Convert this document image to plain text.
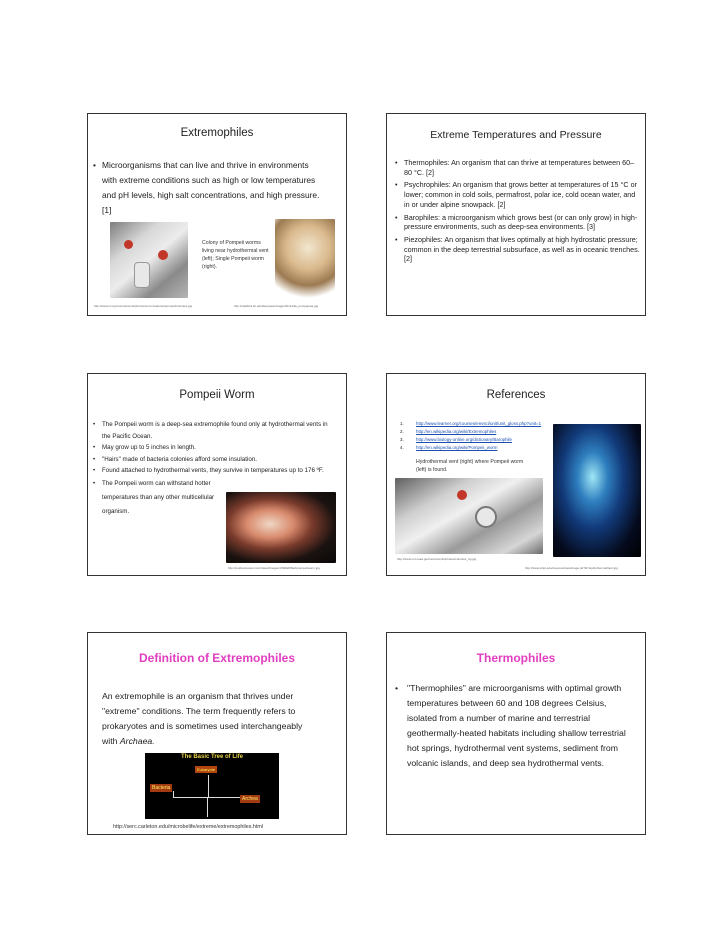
Extremophiles
• Microorganisms that can live and thrive in environments with extreme conditions such as high or low temperatures and pH levels, high salt concentrations, and high pressure. [1]
Colony of Pompeii worms living near hydrothermal vent (left); Single Pompeii worm (right).
http://www.ncl.gov/vents/vents/photos/vent-creatures/pompeii/colonies.jpg	http://calabria.sh.edu/deepsea/images/Alvinella_pompejana.jpg
Extreme Temperatures and Pressure
• Thermophiles: An organism that can thrive at temperatures between 60–80 °C. [2]
• Psychrophiles: An organism that grows better at temperatures of 15 °C or lower; common in cold soils, permafrost, polar ice, cold ocean water, and in or under alpine snowpack. [2]
• Barophiles: a microorganism which grows best (or can only grow) in high-pressure environments, such as deep-sea environments. [3]
• Piezophiles: An organism that lives optimally at high hydrostatic pressure; common in the deep terrestrial subsurface, as well as in oceanic trenches. [2]
Pompeii Worm
• The Pompeii worm is a deep-sea extremophile found only at hydrothermal vents in the Pacific Ocean.
• May grow up to 5 inches in length.
• "Hairs" made of bacteria colonies afford some insulation.
• Found attached to hydrothermal vents, they survive in temperatures up to 176 ºF.
• The Pompeii worm can withstand hotter temperatures than any other multicellular organism.
http://outdoorpower.com/travel/images/UNDERSEA/pompeiiworm.jpg
References
1.	http://www.learner.org/courses/envsci/unit/unit_gloss.php?unit=1
2.	http://en.wikipedia.org/wiki/Extremophiles
3.	http://www.biology-online.org/dictionary/Barophile
4.	http://en.wikipedia.org/wiki/Pompeii_worm
Hydrothermal vent (right) where Pompeii worm (left) is found.
http://www.ncl.noaa.gov/vents/vents/photos/colonies_lrg.jpg
http://www.whoi.edu/oceanus/viewImage.do?id=HydrothermalVent.jpg
Definition of Extremophiles
An extremophile is an organism that thrives under "extreme" conditions. The term frequently refers to prokaryotes and is sometimes used interchangeably with Archaea.
The Basic Tree of Life
Eukaryote
Bacteria
Archea
http://serc.carleton.edu/microbelife/extreme/extremophiles.html
Thermophiles
• "Thermophiles" are microorganisms with optimal growth temperatures between 60 and 108 degrees Celsius, isolated from a number of marine and terrestrial geothermally-heated habitats including shallow terrestrial hot springs, hydrothermal vent systems, sediment from volcanic islands, and deep sea hydrothermal vents.
